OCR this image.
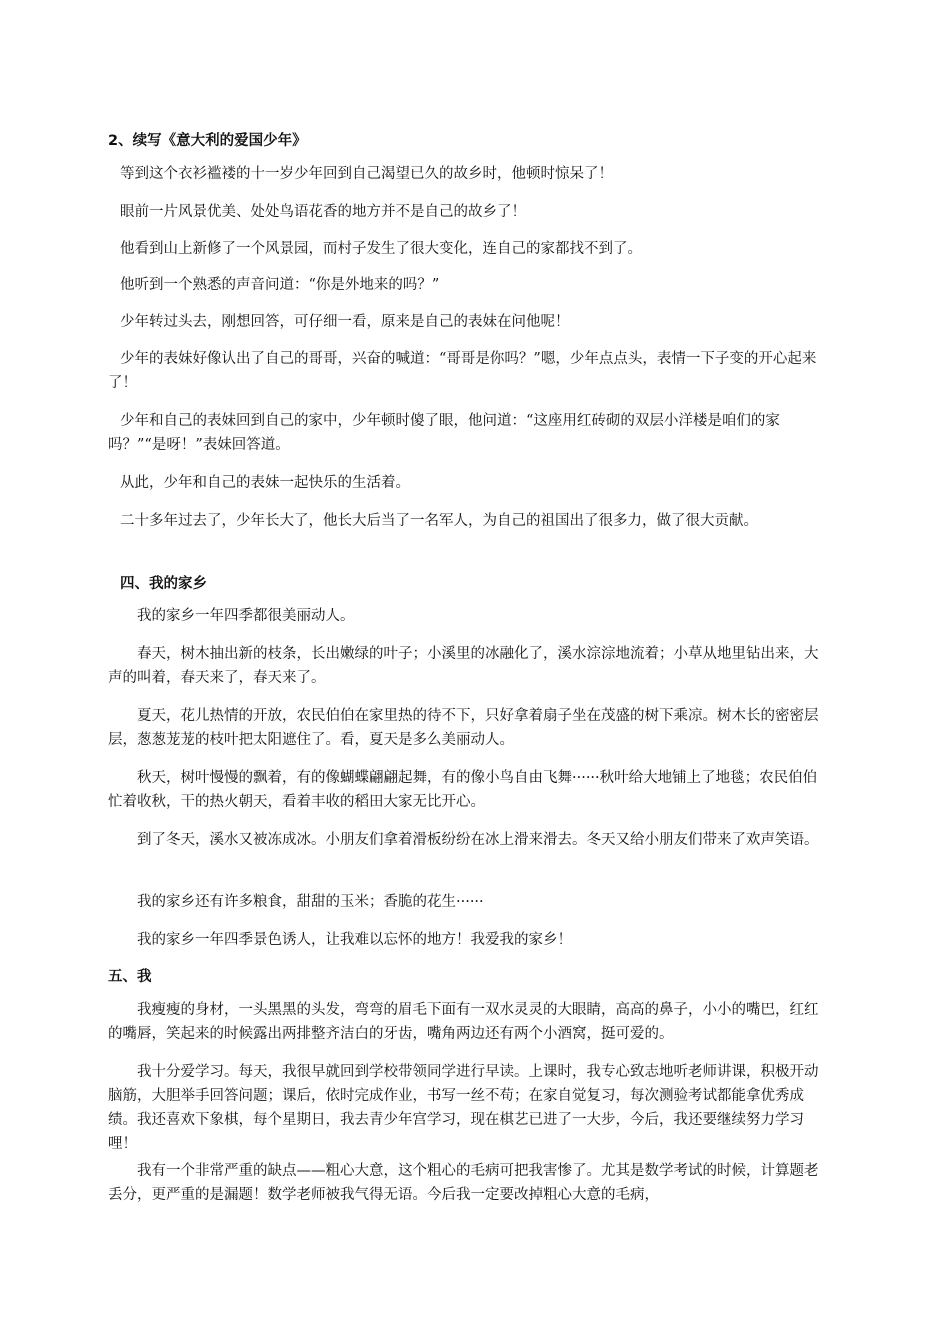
2、续写《意大利的爱国少年》
等到这个衣衫褴褛的十一岁少年回到自己渴望已久的故乡时，他顿时惊呆了！
眼前一片风景优美、处处鸟语花香的地方并不是自己的故乡了！
他看到山上新修了一个风景园，而村子发生了很大变化，连自己的家都找不到了。
他听到一个熟悉的声音问道：“你是外地来的吗？”
少年转过头去，刚想回答，可仔细一看，原来是自己的表妹在问他呢！
少年的表妹好像认出了自己的哥哥，兴奋的喊道：“哥哥是你吗？”嗯，少年点点头，表情一下子变的开心起来了！
少年和自己的表妹回到自己的家中，少年顿时傻了眼，他问道：“这座用红砖砌的双层小洋楼是咱们的家吗？”“是呀！”表妹回答道。
从此，少年和自己的表妹一起快乐的生活着。
二十多年过去了，少年长大了，他长大后当了一名军人，为自己的祖国出了很多力，做了很大贡献。
四、我的家乡
我的家乡一年四季都很美丽动人。
春天，树木抽出新的枝条，长出嫩绿的叶子；小溪里的冰融化了，溪水淙淙地流着；小草从地里钻出来，大声的叫着，春天来了，春天来了。
夏天，花儿热情的开放，农民伯伯在家里热的待不下，只好拿着扇子坐在茂盛的树下乘凉。树木长的密密层层，葱葱茏茏的枝叶把太阳遮住了。看，夏天是多么美丽动人。
秋天，树叶慢慢的飘着，有的像蝴蝶翩翩起舞，有的像小鸟自由飞舞······秋叶给大地铺上了地毯；农民伯伯忙着收秋，干的热火朝天，看着丰收的稻田大家无比开心。
到了冬天，溪水又被冻成冰。小朋友们拿着滑板纷纷在冰上滑来滑去。冬天又给小朋友们带来了欢声笑语。
我的家乡还有许多粮食，甜甜的玉米；香脆的花生······
我的家乡一年四季景色诱人，让我难以忘怀的地方！我爱我的家乡！
五、我
我瘦瘦的身材，一头黑黑的头发，弯弯的眉毛下面有一双水灵灵的大眼睛，高高的鼻子，小小的嘴巴，红红的嘴唇，笑起来的时候露出两排整齐洁白的牙齿，嘴角两边还有两个小酒窝，挺可爱的。
我十分爱学习。每天，我很早就回到学校带领同学进行早读。上课时，我专心致志地听老师讲课，积极开动脑筋，大胆举手回答问题；课后，依时完成作业，书写一丝不苟；在家自觉复习，每次测验考试都能拿优秀成绩。我还喜欢下象棋，每个星期日，我去青少年宫学习，现在棋艺已进了一大步，今后，我还要继续努力学习哩！
我有一个非常严重的缺点——粗心大意，这个粗心的毛病可把我害惨了。尤其是数学考试的时候，计算题老丢分，更严重的是漏题！数学老师被我气得无语。今后我一定要改掉粗心大意的毛病，
